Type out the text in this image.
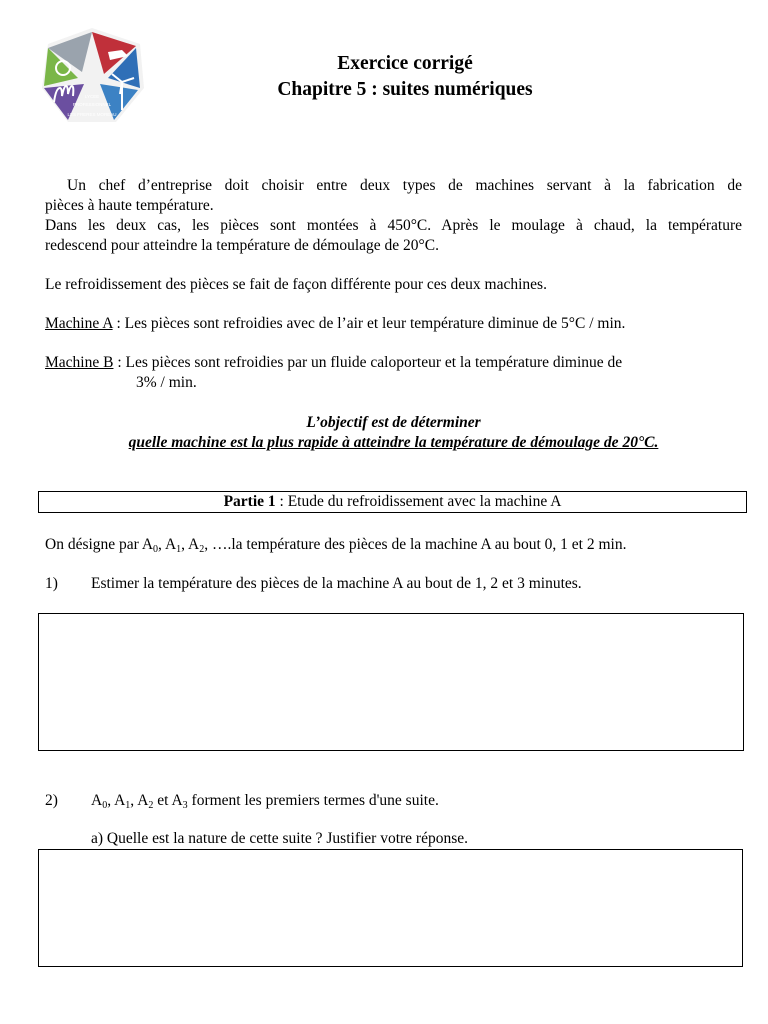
LYCEE
PROFESSIONNEL
LES FRERES MOREAU
Exercice corrigé
Chapitre 5 : suites numériques
Un chef d’entreprise doit choisir entre deux types de machines servant à la fabrication de
pièces à haute température.
Dans les deux cas, les pièces sont montées à 450°C. Après le moulage à chaud, la température
redescend pour atteindre la température de démoulage de 20°C.
Le refroidissement des pièces se fait de façon différente pour ces deux machines.
Machine A : Les pièces sont refroidies avec de l’air et leur température diminue de 5°C / min.
Machine B : Les pièces sont refroidies par un fluide caloporteur et la température diminue de
3% / min.
L’objectif est de déterminer
quelle machine est la plus rapide à atteindre la température de démoulage de 20°C.
Partie 1 : Etude du refroidissement avec la machine A
On désigne par $A_0$, $A_1$, $A_2$, ….la température des pièces de la machine A au bout 0, 1 et 2 min.
1) Estimer la température des pièces de la machine A au bout de 1, 2 et 3 minutes.
2) $A_0$, $A_1$, $A_2$ et $A_3$ forment les premiers termes d'une suite.
a) Quelle est la nature de cette suite ? Justifier votre réponse.
